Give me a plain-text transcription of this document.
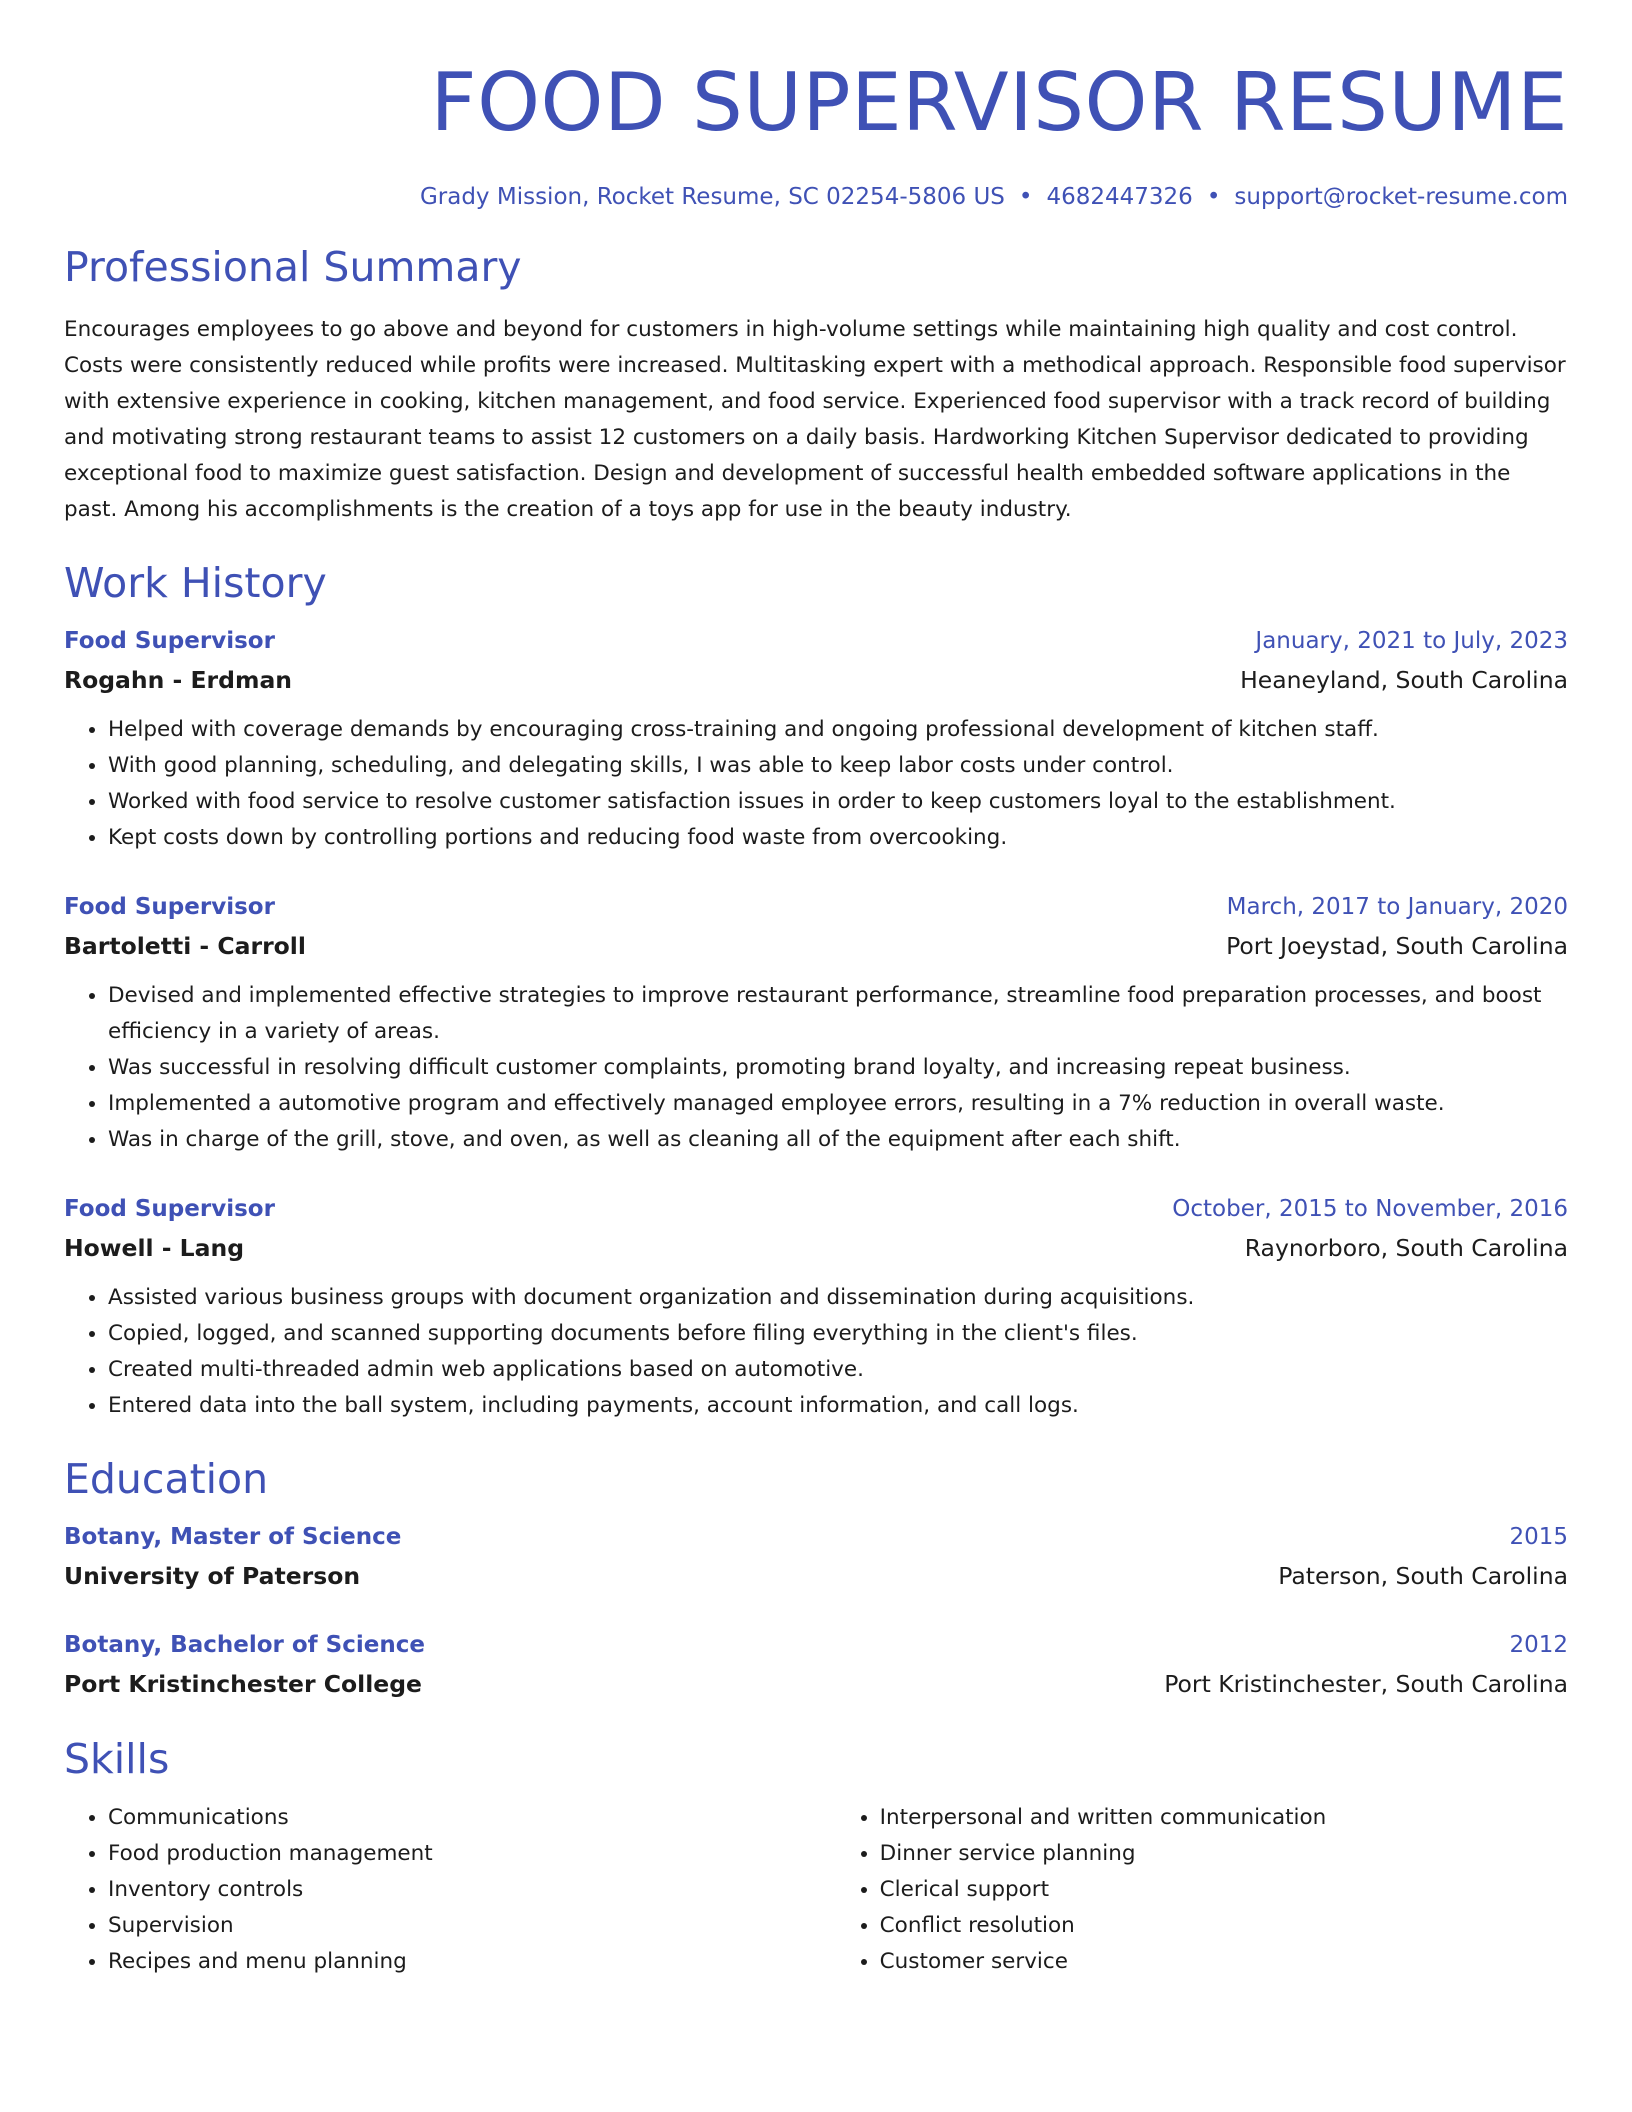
FOOD SUPERVISOR RESUME
Grady Mission, Rocket Resume, SC 02254-5806 US • 4682447326 • support@rocket-resume.com
Professional Summary

Encourages employees to go above and beyond for customers in high-volume settings while maintaining high quality and cost control. Costs were consistently reduced while profits were increased. Multitasking expert with a methodical approach. Responsible food supervisor with extensive experience in cooking, kitchen management, and food service. Experienced food supervisor with a track record of building and motivating strong restaurant teams to assist 12 customers on a daily basis. Hardworking Kitchen Supervisor dedicated to providing exceptional food to maximize guest satisfaction. Design and development of successful health embedded software applications in the past. Among his accomplishments is the creation of a toys app for use in the beauty industry.

Work History
Food Supervisor	January, 2021 to July, 2023
Rogahn - Erdman	Heaneyland, South Carolina
• Helped with coverage demands by encouraging cross-training and ongoing professional development of kitchen staff.
• With good planning, scheduling, and delegating skills, I was able to keep labor costs under control.
• Worked with food service to resolve customer satisfaction issues in order to keep customers loyal to the establishment.
• Kept costs down by controlling portions and reducing food waste from overcooking.
Food Supervisor	March, 2017 to January, 2020
Bartoletti - Carroll	Port Joeystad, South Carolina
• Devised and implemented effective strategies to improve restaurant performance, streamline food preparation processes, and boost efficiency in a variety of areas.
• Was successful in resolving difficult customer complaints, promoting brand loyalty, and increasing repeat business.
• Implemented a automotive program and effectively managed employee errors, resulting in a 7% reduction in overall waste.
• Was in charge of the grill, stove, and oven, as well as cleaning all of the equipment after each shift.
Food Supervisor	October, 2015 to November, 2016
Howell - Lang	Raynorboro, South Carolina
• Assisted various business groups with document organization and dissemination during acquisitions.
• Copied, logged, and scanned supporting documents before filing everything in the client's files.
• Created multi-threaded admin web applications based on automotive.
• Entered data into the ball system, including payments, account information, and call logs.
Education
Botany, Master of Science	2015
University of Paterson	Paterson, South Carolina
Botany, Bachelor of Science	2012
Port Kristinchester College	Port Kristinchester, South Carolina
Skills
• Communications
• Food production management
• Inventory controls
• Supervision
• Recipes and menu planning
• Interpersonal and written communication
• Dinner service planning
• Clerical support
• Conflict resolution
• Customer service
